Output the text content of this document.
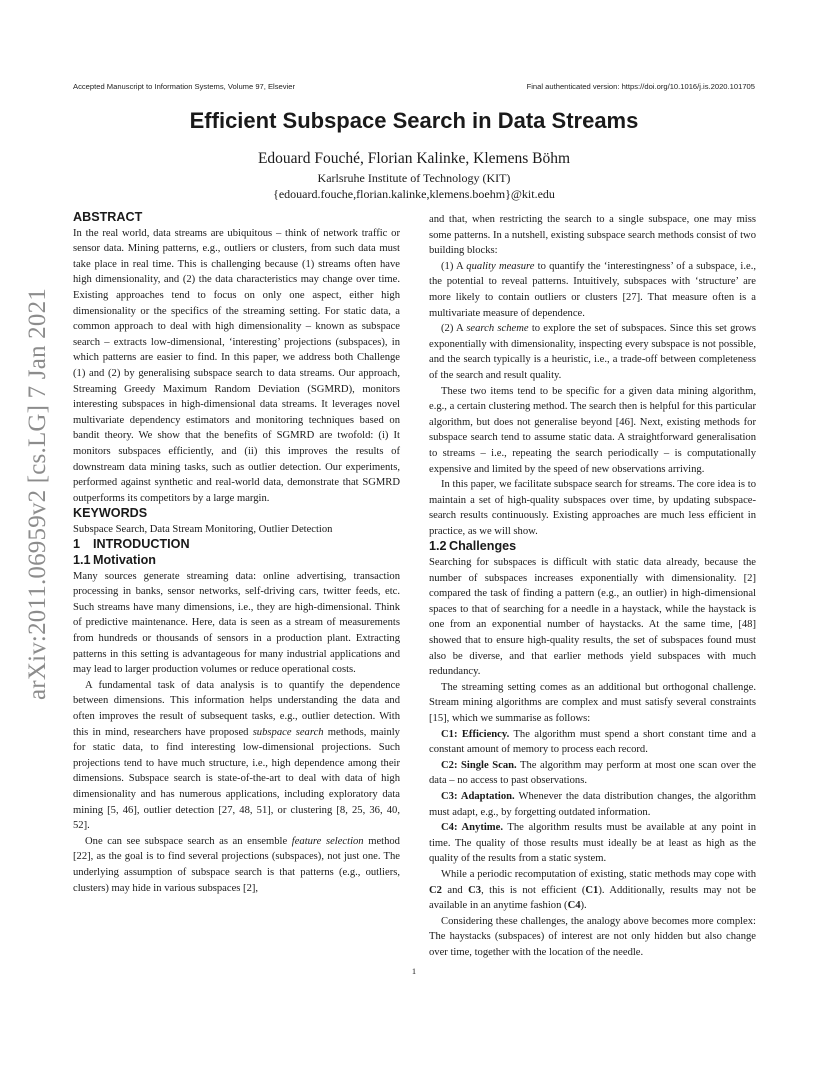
Accepted Manuscript to Information Systems, Volume 97, Elsevier	Final authenticated version: https://doi.org/10.1016/j.is.2020.101705
arXiv:2011.06959v2 [cs.LG] 7 Jan 2021
Efficient Subspace Search in Data Streams
Edouard Fouché, Florian Kalinke, Klemens Böhm
Karlsruhe Institute of Technology (KIT)
{edouard.fouche,florian.kalinke,klemens.boehm}@kit.edu
ABSTRACT

In the real world, data streams are ubiquitous – think of network traffic or sensor data. Mining patterns, e.g., outliers or clusters, from such data must take place in real time. This is challenging because (1) streams often have high dimensionality, and (2) the data characteristics may change over time. Existing approaches tend to focus on only one aspect, either high dimensionality or the specifics of the streaming setting. For static data, a common approach to deal with high dimensionality – known as subspace search – extracts low-dimensional, ‘interesting’ projections (subspaces), in which patterns are easier to find. In this paper, we address both Challenge (1) and (2) by generalising subspace search to data streams. Our approach, Streaming Greedy Maximum Random Deviation (SGMRD), monitors interesting subspaces in high-dimensional data streams. It leverages novel multivariate dependency estimators and monitoring techniques based on bandit theory. We show that the benefits of SGMRD are twofold: (i) It monitors subspaces efficiently, and (ii) this improves the results of downstream data mining tasks, such as outlier detection. Our experiments, performed against synthetic and real-world data, demonstrate that SGMRD outperforms its competitors by a large margin.

KEYWORDS

Subspace Search, Data Stream Monitoring, Outlier Detection

1 INTRODUCTION
1.1 Motivation

Many sources generate streaming data: online advertising, transaction processing in banks, sensor networks, self-driving cars, twitter feeds, etc. Such streams have many dimensions, i.e., they are high-dimensional. Think of predictive maintenance. Here, data is seen as a stream of measurements from hundreds or thousands of sensors in a production plant. Extracting patterns in this setting is advantageous for many industrial applications and may lead to larger production volumes or reduce operational costs.

A fundamental task of data analysis is to quantify the dependence between dimensions. This information helps understanding the data and often improves the result of subsequent tasks, e.g., outlier detection. With this in mind, researchers have proposed subspace search methods, mainly for static data, to find interesting low-dimensional projections. Such projections tend to have much structure, i.e., high dependence among their dimensions. Subspace search is state-of-the-art to deal with data of high dimensionality and has numerous applications, including exploratory data mining [5, 46], outlier detection [27, 48, 51], or clustering [8, 25, 36, 40, 52].

One can see subspace search as an ensemble feature selection method [22], as the goal is to find several projections (subspaces), not just one. The underlying assumption of subspace search is that patterns (e.g., outliers, clusters) may hide in various subspaces [2],

and that, when restricting the search to a single subspace, one may miss some patterns. In a nutshell, existing subspace search methods consist of two building blocks:

(1) A quality measure to quantify the ‘interestingness’ of a subspace, i.e., the potential to reveal patterns. Intuitively, subspaces with ‘structure’ are more likely to contain outliers or clusters [27]. That measure often is a multivariate measure of dependence.

(2) A search scheme to explore the set of subspaces. Since this set grows exponentially with dimensionality, inspecting every subspace is not possible, and the search typically is a heuristic, i.e., a trade-off between completeness of the search and result quality.

These two items tend to be specific for a given data mining algorithm, e.g., a certain clustering method. The search then is helpful for this particular algorithm, but does not generalise beyond [46]. Next, existing methods for subspace search tend to assume static data. A straightforward generalisation to streams – i.e., repeating the search periodically – is computationally expensive and limited by the speed of new observations arriving.

In this paper, we facilitate subspace search for streams. The core idea is to maintain a set of high-quality subspaces over time, by updating subspace-search results continuously. Existing approaches are much less efficient in practice, as we will show.

1.2 Challenges

Searching for subspaces is difficult with static data already, because the number of subspaces increases exponentially with dimensionality. [2] compared the task of finding a pattern (e.g., an outlier) in high-dimensional spaces to that of searching for a needle in a haystack, while the haystack is one from an exponential number of haystacks. At the same time, [48] showed that to ensure high-quality results, the set of subspaces found must also be diverse, and that earlier methods yield subspaces with much redundancy.

The streaming setting comes as an additional but orthogonal challenge. Stream mining algorithms are complex and must satisfy several constraints [15], which we summarise as follows:

C1: Efficiency. The algorithm must spend a short constant time and a constant amount of memory to process each record.

C2: Single Scan. The algorithm may perform at most one scan over the data – no access to past observations.

C3: Adaptation. Whenever the data distribution changes, the algorithm must adapt, e.g., by forgetting outdated information.

C4: Anytime. The algorithm results must be available at any point in time. The quality of those results must ideally be at least as high as the quality of the results from a static system.

While a periodic recomputation of existing, static methods may cope with C2 and C3, this is not efficient (C1). Additionally, results may not be available in an anytime fashion (C4).

Considering these challenges, the analogy above becomes more complex: The haystacks (subspaces) of interest are not only hidden but also change over time, together with the location of the needle.

1
